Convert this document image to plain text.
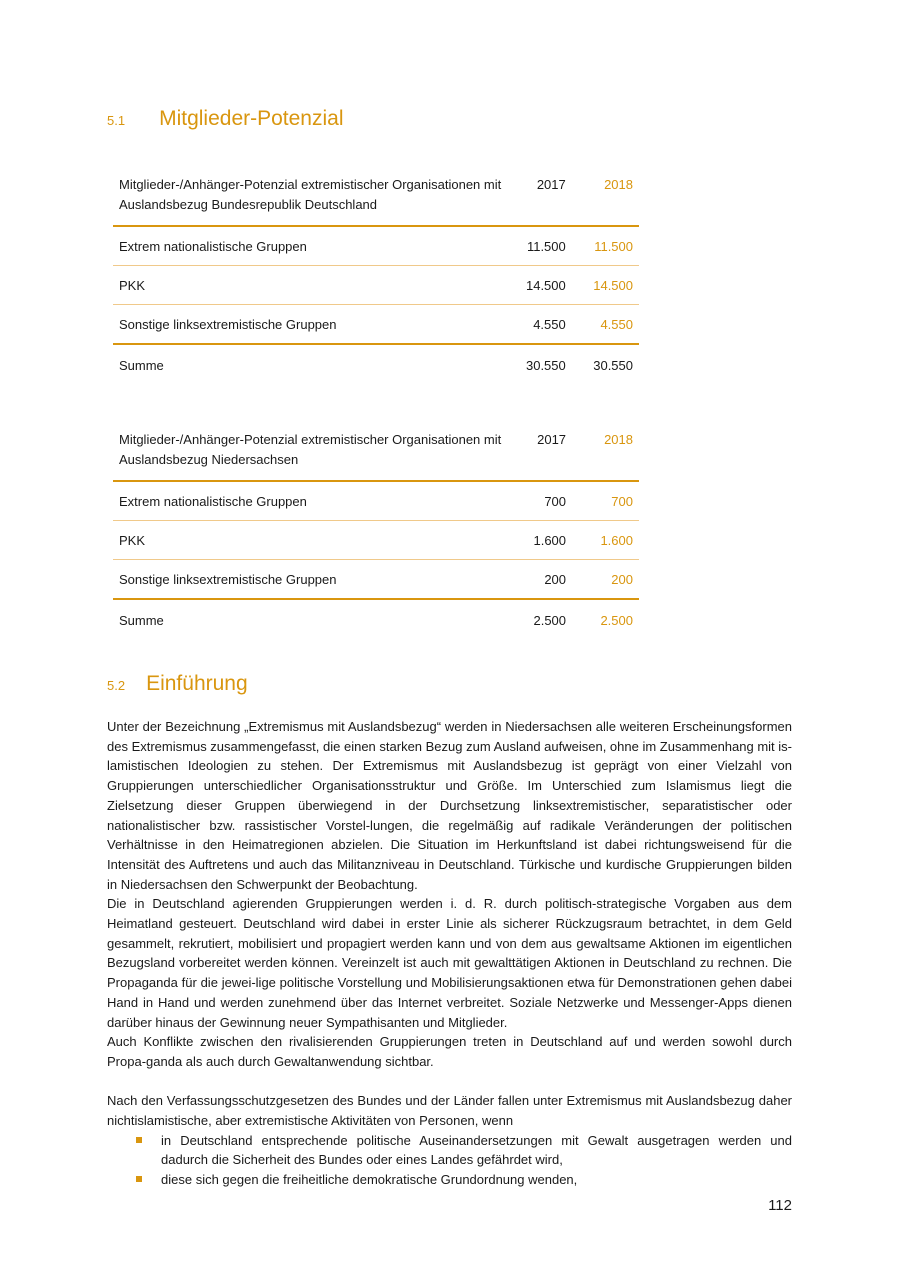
5.1 Mitglieder-Potenzial
Mitglieder-/Anhänger-Potenzial extremistischer Organisationen mit Auslandsbezug Bundesrepublik Deutschland	2017	2018
Extrem nationalistische Gruppen	11.500	11.500
PKK	14.500	14.500
Sonstige linksextremistische Gruppen	4.550	4.550
Summe	30.550	30.550
Mitglieder-/Anhänger-Potenzial extremistischer Organisationen mit Auslandsbezug Niedersachsen	2017	2018
Extrem nationalistische Gruppen	700	700
PKK	1.600	1.600
Sonstige linksextremistische Gruppen	200	200
Summe	2.500	2.500
5.2 Einführung

Unter der Bezeichnung „Extremismus mit Auslandsbezug“ werden in Niedersachsen alle weiteren Erscheinungsformen des Extremismus zusammengefasst, die einen starken Bezug zum Ausland aufweisen, ohne im Zusammenhang mit is-lamistischen Ideologien zu stehen. Der Extremismus mit Auslandsbezug ist geprägt von einer Vielzahl von Gruppierungen unterschiedlicher Organisationsstruktur und Größe. Im Unterschied zum Islamismus liegt die Zielsetzung dieser Gruppen überwiegend in der Durchsetzung linksextremistischer, separatistischer oder nationalistischer bzw. rassistischer Vorstel-lungen, die regelmäßig auf radikale Veränderungen der politischen Verhältnisse in den Heimatregionen abzielen. Die Situation im Herkunftsland ist dabei richtungsweisend für die Intensität des Auftretens und auch das Militanzniveau in Deutschland. Türkische und kurdische Gruppierungen bilden in Niedersachsen den Schwerpunkt der Beobachtung.

Die in Deutschland agierenden Gruppierungen werden i. d. R. durch politisch-strategische Vorgaben aus dem Heimatland gesteuert. Deutschland wird dabei in erster Linie als sicherer Rückzugsraum betrachtet, in dem Geld gesammelt, rekrutiert, mobilisiert und propagiert werden kann und von dem aus gewaltsame Aktionen im eigentlichen Bezugsland vorbereitet werden können. Vereinzelt ist auch mit gewalttätigen Aktionen in Deutschland zu rechnen. Die Propaganda für die jewei-lige politische Vorstellung und Mobilisierungsaktionen etwa für Demonstrationen gehen dabei Hand in Hand und werden zunehmend über das Internet verbreitet. Soziale Netzwerke und Messenger-Apps dienen darüber hinaus der Gewinnung neuer Sympathisanten und Mitglieder.

Auch Konflikte zwischen den rivalisierenden Gruppierungen treten in Deutschland auf und werden sowohl durch Propa-ganda als auch durch Gewaltanwendung sichtbar.

Nach den Verfassungsschutzgesetzen des Bundes und der Länder fallen unter Extremismus mit Auslandsbezug daher nichtislamistische, aber extremistische Aktivitäten von Personen, wenn

in Deutschland entsprechende politische Auseinandersetzungen mit Gewalt ausgetragen werden und dadurch die Sicherheit des Bundes oder eines Landes gefährdet wird,
diese sich gegen die freiheitliche demokratische Grundordnung wenden,
112
